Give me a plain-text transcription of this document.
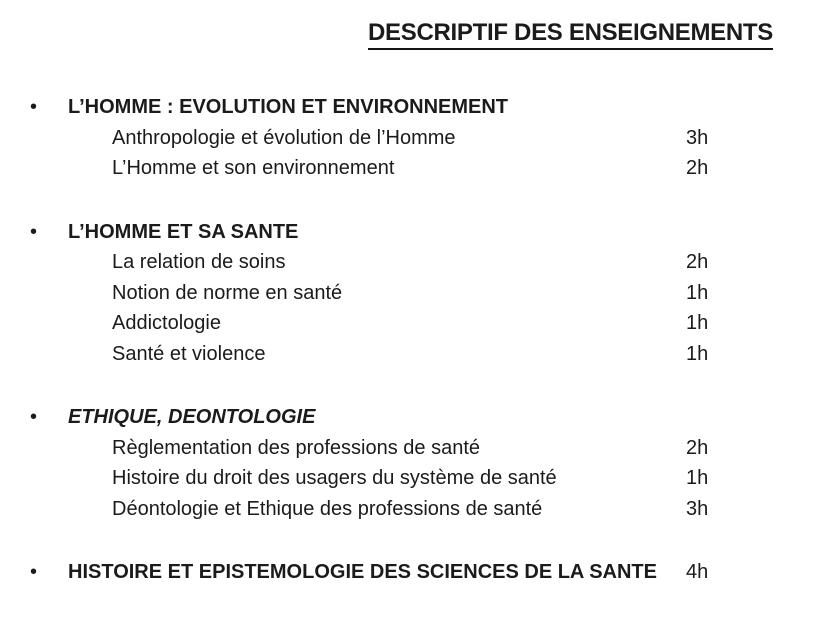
DESCRIPTIF DES ENSEIGNEMENTS
• L’HOMME : EVOLUTION ET ENVIRONNEMENT
Anthropologie et évolution de l’Homme	3h
L’Homme et son environnement	2h
• L’HOMME ET SA SANTE
La relation de soins	2h
Notion de norme en santé	1h
Addictologie	1h
Santé et violence	1h
• ETHIQUE, DEONTOLOGIE
Règlementation des professions de santé	2h
Histoire du droit des usagers du système de santé	1h
Déontologie et Ethique des professions de santé	3h
• HISTOIRE ET EPISTEMOLOGIE DES SCIENCES DE LA SANTE	4h
